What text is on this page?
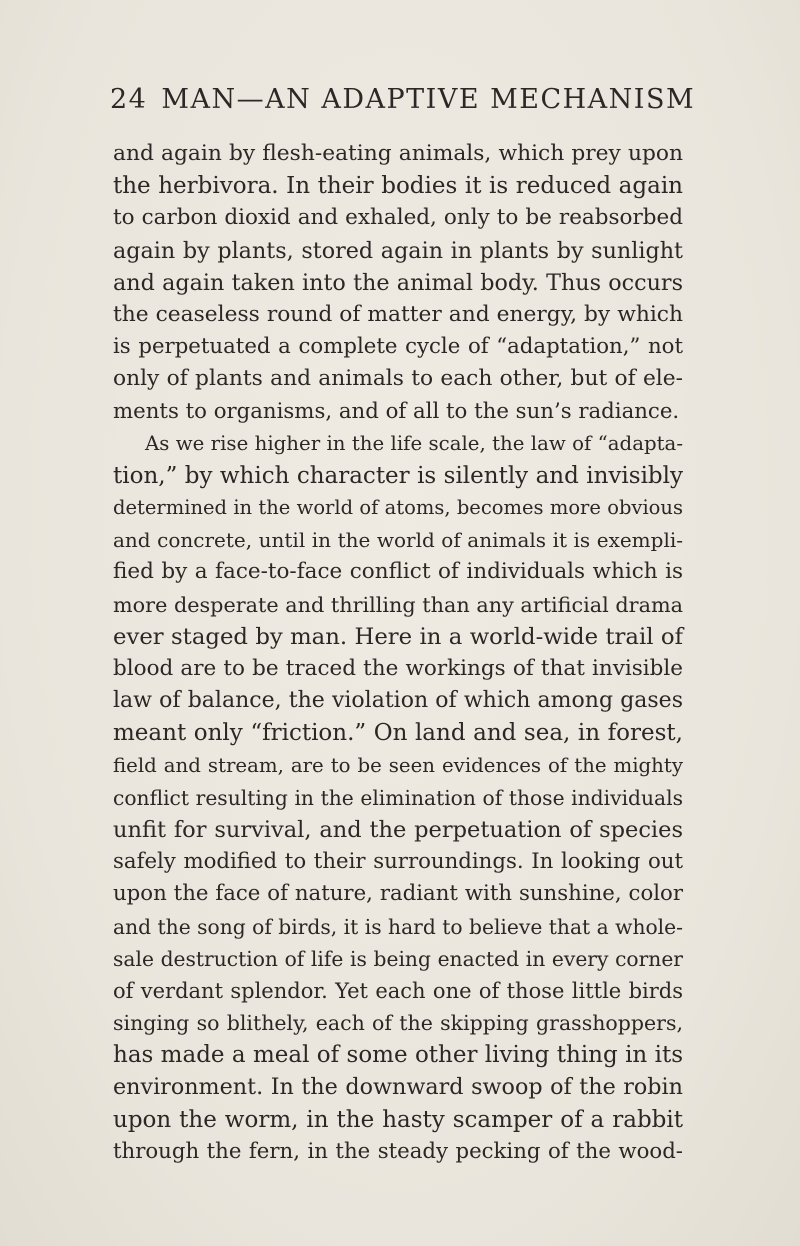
24 MAN—AN ADAPTIVE MECHANISM
and again by flesh-eating animals, which prey upon
the herbivora. In their bodies it is reduced again
to carbon dioxid and exhaled, only to be reabsorbed
again by plants, stored again in plants by sunlight
and again taken into the animal body. Thus occurs
the ceaseless round of matter and energy, by which
is perpetuated a complete cycle of “adaptation,” not
only of plants and animals to each other, but of ele-
ments to organisms, and of all to the sun’s radiance.
As we rise higher in the life scale, the law of “adapta-
tion,” by which character is silently and invisibly
determined in the world of atoms, becomes more obvious
and concrete, until in the world of animals it is exempli-
fied by a face-to-face conflict of individuals which is
more desperate and thrilling than any artificial drama
ever staged by man. Here in a world-wide trail of
blood are to be traced the workings of that invisible
law of balance, the violation of which among gases
meant only “friction.” On land and sea, in forest,
field and stream, are to be seen evidences of the mighty
conflict resulting in the elimination of those individuals
unfit for survival, and the perpetuation of species
safely modified to their surroundings. In looking out
upon the face of nature, radiant with sunshine, color
and the song of birds, it is hard to believe that a whole-
sale destruction of life is being enacted in every corner
of verdant splendor. Yet each one of those little birds
singing so blithely, each of the skipping grasshoppers,
has made a meal of some other living thing in its
environment. In the downward swoop of the robin
upon the worm, in the hasty scamper of a rabbit
through the fern, in the steady pecking of the wood-
